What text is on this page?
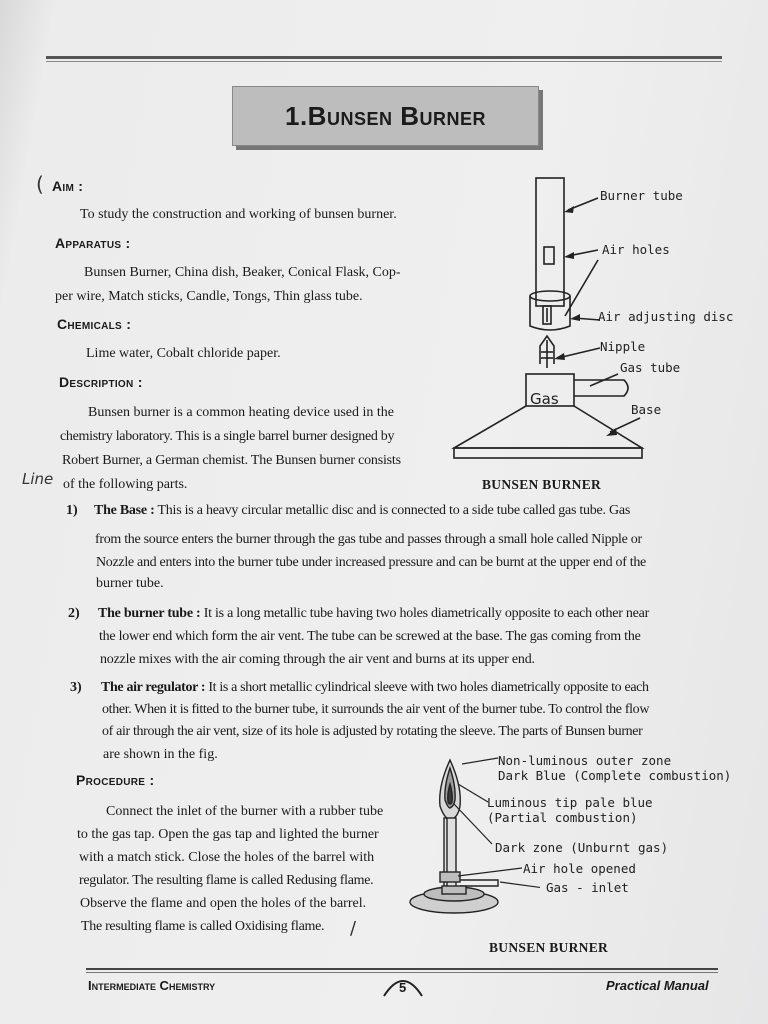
1.Bunsen Burner
( Aim :
To study the construction and working of bunsen burner.
Apparatus :
Bunsen Burner, China dish, Beaker, Conical Flask, Cop-
per wire, Match sticks, Candle, Tongs, Thin glass tube.
Chemicals :
Lime water, Cobalt chloride paper.
Description :
Bunsen burner is a common heating device used in the
chemistry laboratory. This is a single barrel burner designed by
Robert Burner, a German chemist. The Bunsen burner consists
Line of the following parts.
Gas
Burner tube
Air holes
Air adjusting disc
Nipple
Gas tube
Base
BUNSEN BURNER
1) The Base : This is a heavy circular metallic disc and is connected to a side tube called gas tube. Gas
from the source enters the burner through the gas tube and passes through a small hole called Nipple or
Nozzle and enters into the burner tube under increased pressure and can be burnt at the upper end of the
burner tube.
2) The burner tube : It is a long metallic tube having two holes diametrically opposite to each other near
the lower end which form the air vent. The tube can be screwed at the base. The gas coming from the
nozzle mixes with the air coming through the air vent and burns at its upper end.
3) The air regulator : It is a short metallic cylindrical sleeve with two holes diametrically opposite to each
other. When it is fitted to the burner tube, it surrounds the air vent of the burner tube. To control the flow
of air through the air vent, size of its hole is adjusted by rotating the sleeve. The parts of Bunsen burner
are shown in the fig.
Procedure :
Connect the inlet of the burner with a rubber tube
to the gas tap. Open the gas tap and lighted the burner
with a match stick. Close the holes of the barrel with
regulator. The resulting flame is called Redusing flame.
Observe the flame and open the holes of the barrel.
The resulting flame is called Oxidising flame. /
Non-luminous outer zone
Dark Blue (Complete combustion)
Luminous tip pale blue
(Partial combustion)
Dark zone (Unburnt gas)
Air hole opened
Gas - inlet
BUNSEN BURNER
Intermediate Chemistry	5	Practical Manual
